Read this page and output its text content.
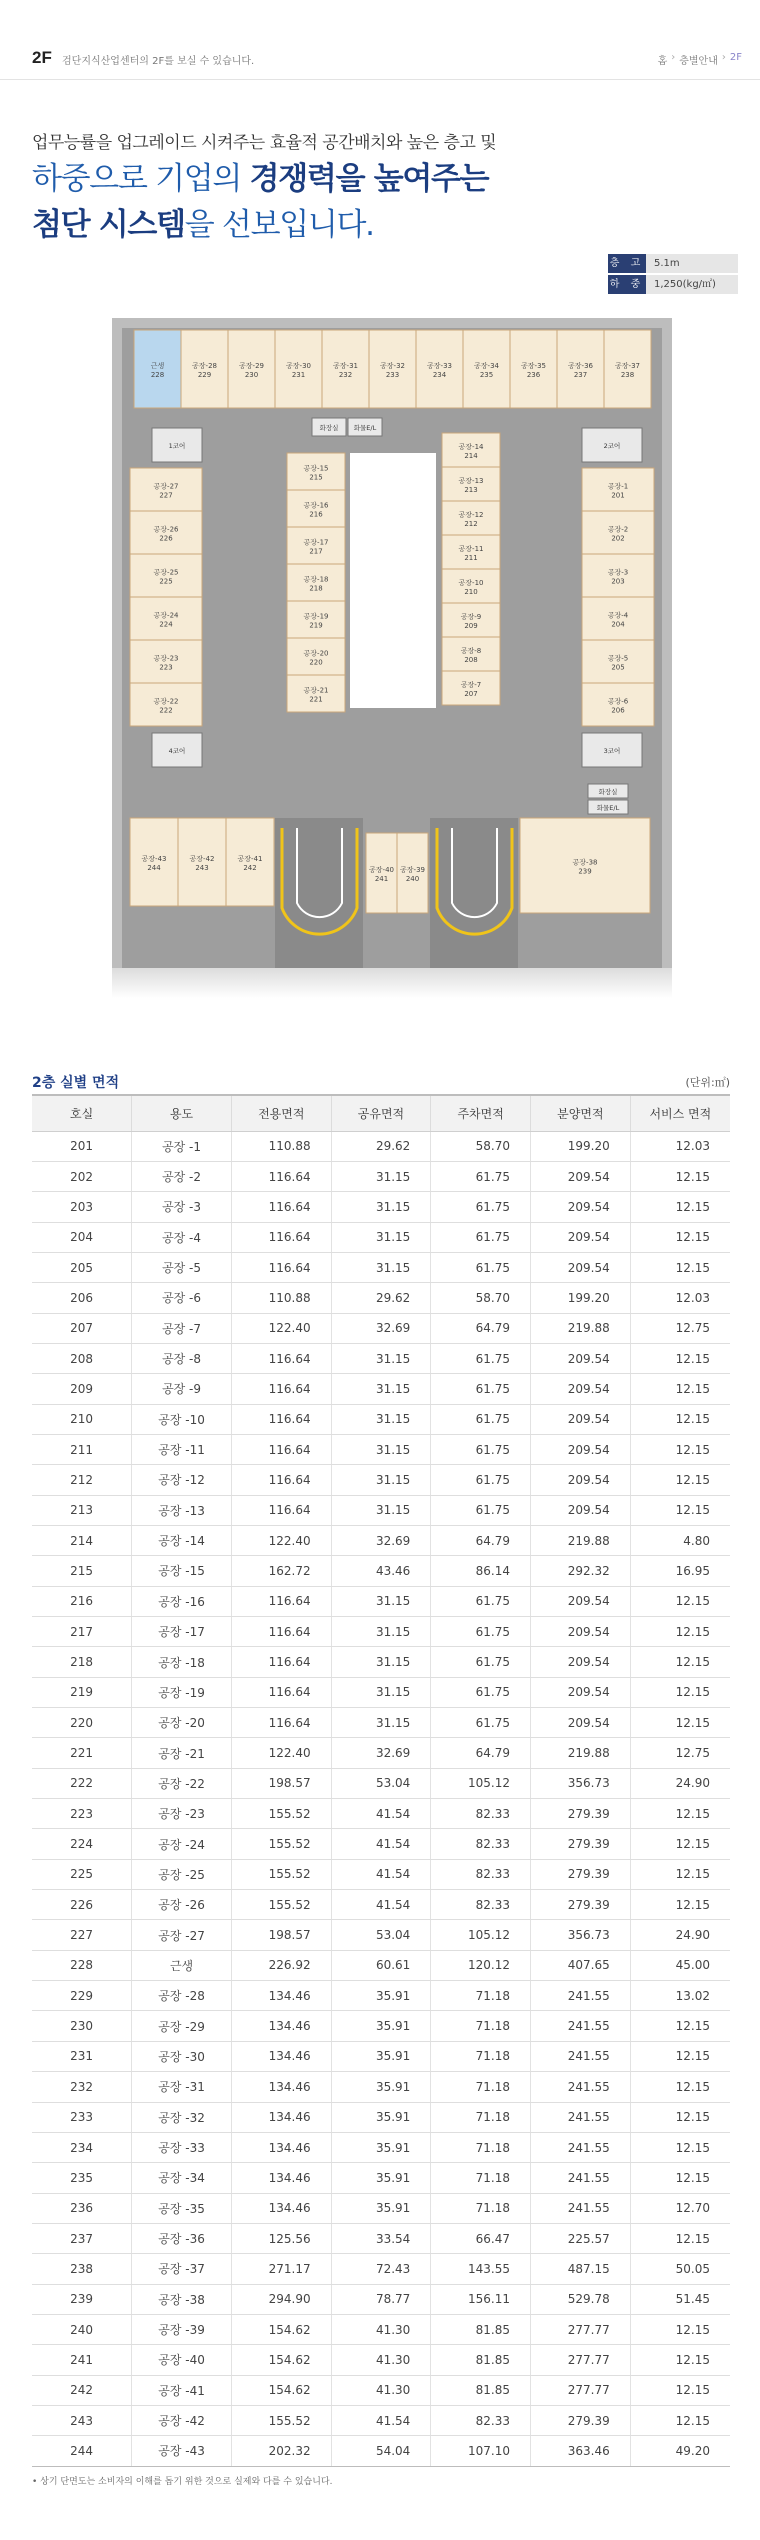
2F 검단지식산업센터의 2F를 보실 수 있습니다.	홈 › 층별안내 › 2F
업무능률을 업그레이드 시켜주는 효율적 공간배치와 높은 층고 및
하중으로 기업의 경쟁력을 높여주는
첨단 시스템을 선보입니다.
층 고 5.1m
하 중 1,250(kg/㎡)
근생
228
공장-28
229
공장-29
230
공장-30
231
공장-31
232
공장-32
233
공장-33
234
공장-34
235
공장-35
236
공장-36
237
공장-37
238
공장-27
227
공장-26
226
공장-25
225
공장-24
224
공장-23
223
공장-22
222
공장-15
215
공장-16
216
공장-17
217
공장-18
218
공장-19
219
공장-20
220
공장-21
221
공장-14
214
공장-13
213
공장-12
212
공장-11
211
공장-10
210
공장-9
209
공장-8
208
공장-7
207
공장-1
201
공장-2
202
공장-3
203
공장-4
204
공장-5
205
공장-6
206
공장-43
244
공장-42
243
공장-41
242	공장-40
241
공장-39
240
공장-38
239
1코어	2코어
3코어
4코어
화장실 화물E/L
화장실
화물E/L
2층 실별 면적	(단위:㎡)
호실	용도	전용면적	공유면적	주차면적	분양면적	서비스 면적
201	공장 -1	110.88	29.62	58.70	199.20	12.03
202	공장 -2	116.64	31.15	61.75	209.54	12.15
203	공장 -3	116.64	31.15	61.75	209.54	12.15
204	공장 -4	116.64	31.15	61.75	209.54	12.15
205	공장 -5	116.64	31.15	61.75	209.54	12.15
206	공장 -6	110.88	29.62	58.70	199.20	12.03
207	공장 -7	122.40	32.69	64.79	219.88	12.75
208	공장 -8	116.64	31.15	61.75	209.54	12.15
209	공장 -9	116.64	31.15	61.75	209.54	12.15
210	공장 -10	116.64	31.15	61.75	209.54	12.15
211	공장 -11	116.64	31.15	61.75	209.54	12.15
212	공장 -12	116.64	31.15	61.75	209.54	12.15
213	공장 -13	116.64	31.15	61.75	209.54	12.15
214	공장 -14	122.40	32.69	64.79	219.88	4.80
215	공장 -15	162.72	43.46	86.14	292.32	16.95
216	공장 -16	116.64	31.15	61.75	209.54	12.15
217	공장 -17	116.64	31.15	61.75	209.54	12.15
218	공장 -18	116.64	31.15	61.75	209.54	12.15
219	공장 -19	116.64	31.15	61.75	209.54	12.15
220	공장 -20	116.64	31.15	61.75	209.54	12.15
221	공장 -21	122.40	32.69	64.79	219.88	12.75
222	공장 -22	198.57	53.04	105.12	356.73	24.90
223	공장 -23	155.52	41.54	82.33	279.39	12.15
224	공장 -24	155.52	41.54	82.33	279.39	12.15
225	공장 -25	155.52	41.54	82.33	279.39	12.15
226	공장 -26	155.52	41.54	82.33	279.39	12.15
227	공장 -27	198.57	53.04	105.12	356.73	24.90
228	근생	226.92	60.61	120.12	407.65	45.00
229	공장 -28	134.46	35.91	71.18	241.55	13.02
230	공장 -29	134.46	35.91	71.18	241.55	12.15
231	공장 -30	134.46	35.91	71.18	241.55	12.15
232	공장 -31	134.46	35.91	71.18	241.55	12.15
233	공장 -32	134.46	35.91	71.18	241.55	12.15
234	공장 -33	134.46	35.91	71.18	241.55	12.15
235	공장 -34	134.46	35.91	71.18	241.55	12.15
236	공장 -35	134.46	35.91	71.18	241.55	12.70
237	공장 -36	125.56	33.54	66.47	225.57	12.15
238	공장 -37	271.17	72.43	143.55	487.15	50.05
239	공장 -38	294.90	78.77	156.11	529.78	51.45
240	공장 -39	154.62	41.30	81.85	277.77	12.15
241	공장 -40	154.62	41.30	81.85	277.77	12.15
242	공장 -41	154.62	41.30	81.85	277.77	12.15
243	공장 -42	155.52	41.54	82.33	279.39	12.15
244	공장 -43	202.32	54.04	107.10	363.46	49.20
• 상기 단면도는 소비자의 이해를 돕기 위한 것으로 실제와 다를 수 있습니다.
